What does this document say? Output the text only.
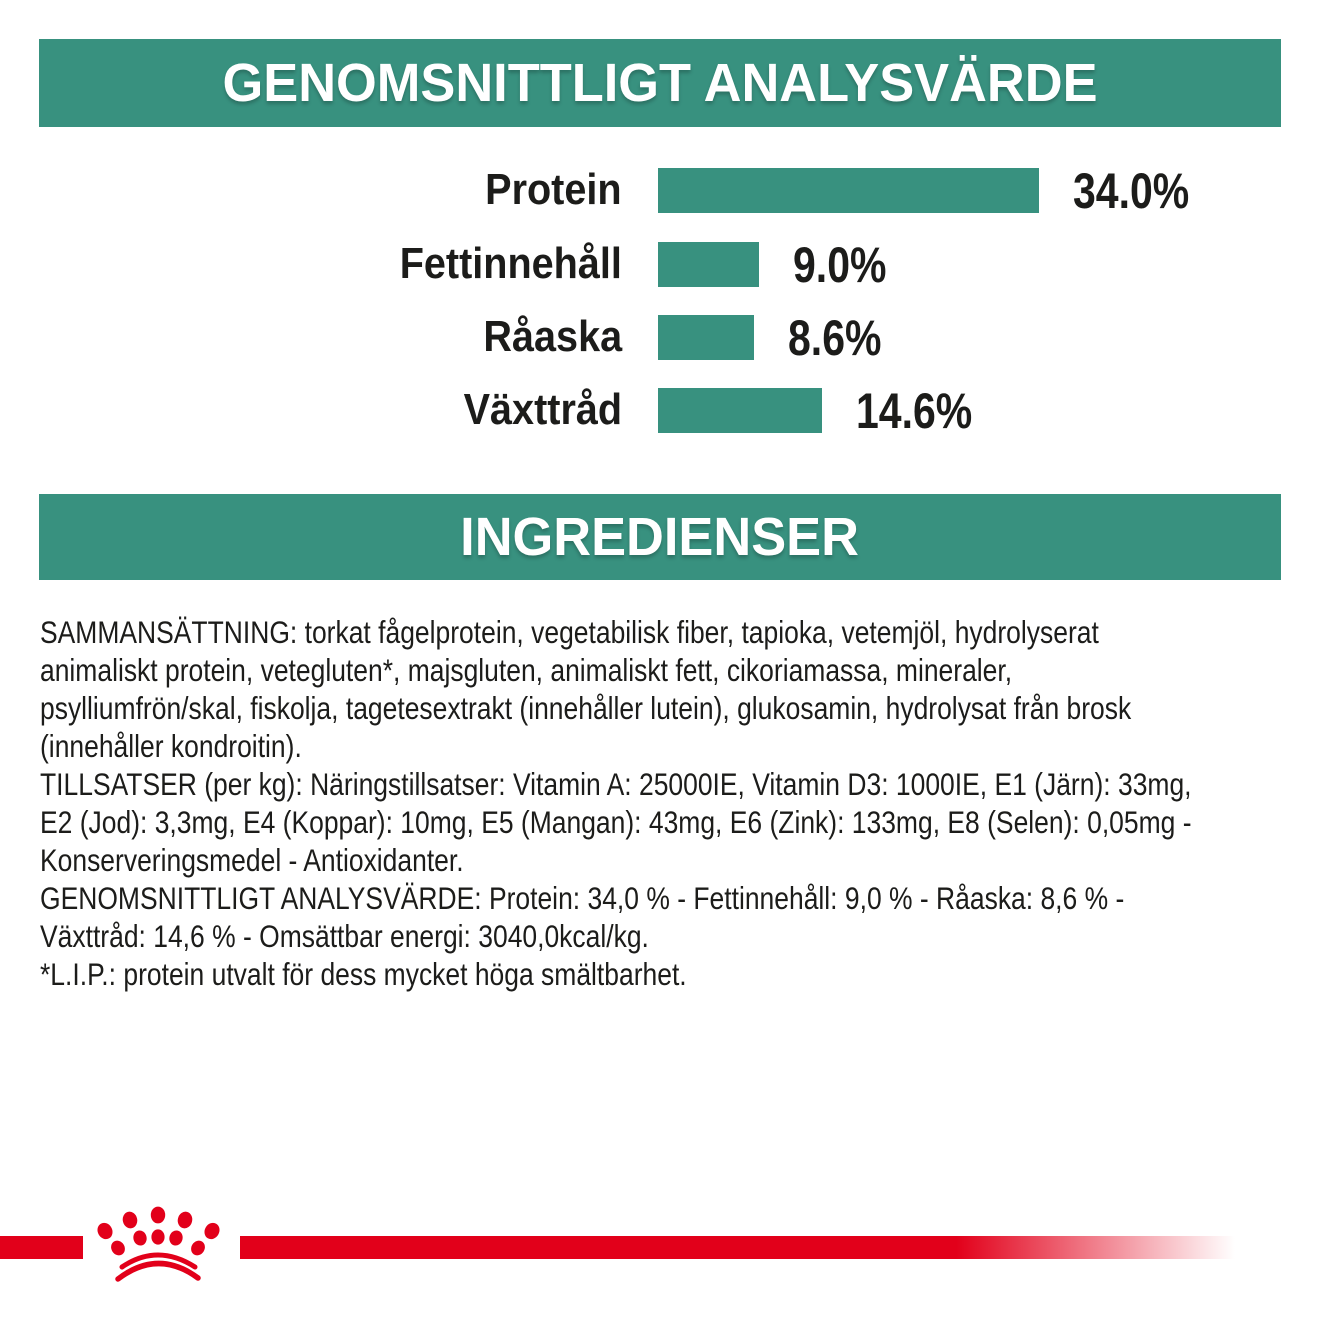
GENOMSNITTLIGT ANALYSVÄRDE
Protein	34.0%
Fettinnehåll	9.0%
Råaska	8.6%
Växttråd	14.6%
INGREDIENSER
SAMMANSÄTTNING: torkat fågelprotein, vegetabilisk fiber, tapioka, vetemjöl, hydrolyserat
animaliskt protein, vetegluten*, majsgluten, animaliskt fett, cikoriamassa, mineraler,
psylliumfrön/skal, fiskolja, tagetesextrakt (innehåller lutein), glukosamin, hydrolysat från brosk
(innehåller kondroitin).
TILLSATSER (per kg): Näringstillsatser: Vitamin A: 25000IE, Vitamin D3: 1000IE, E1 (Järn): 33mg,
E2 (Jod): 3,3mg, E4 (Koppar): 10mg, E5 (Mangan): 43mg, E6 (Zink): 133mg, E8 (Selen): 0,05mg -
Konserveringsmedel - Antioxidanter.
GENOMSNITTLIGT ANALYSVÄRDE: Protein: 34,0 % - Fettinnehåll: 9,0 % - Råaska: 8,6 % -
Växttråd: 14,6 % - Omsättbar energi: 3040,0kcal/kg.
*L.I.P.: protein utvalt för dess mycket höga smältbarhet.
